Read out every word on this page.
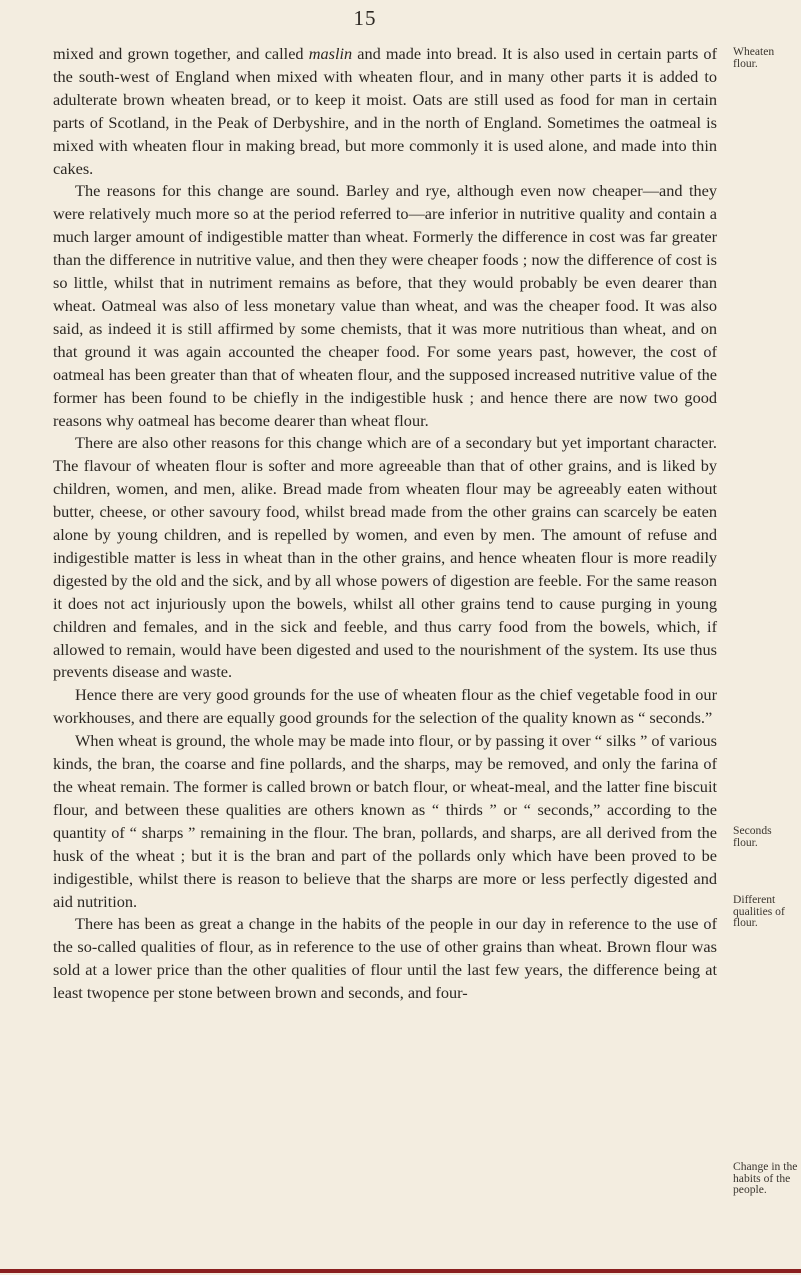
15

mixed and grown together, and called maslin and made into bread. It is also used in certain parts of the south-west of England when mixed with wheaten flour, and in many other parts it is added to adulterate brown wheaten bread, or to keep it moist. Oats are still used as food for man in certain parts of Scotland, in the Peak of Derbyshire, and in the north of England. Sometimes the oatmeal is mixed with wheaten flour in making bread, but more commonly it is used alone, and made into thin cakes.

The reasons for this change are sound. Barley and rye, although even now cheaper—and they were relatively much more so at the period referred to—are inferior in nutritive quality and contain a much larger amount of indigestible matter than wheat. Formerly the difference in cost was far greater than the difference in nutritive value, and then they were cheaper foods ; now the difference of cost is so little, whilst that in nutriment remains as before, that they would probably be even dearer than wheat. Oatmeal was also of less monetary value than wheat, and was the cheaper food. It was also said, as indeed it is still affirmed by some chemists, that it was more nutritious than wheat, and on that ground it was again accounted the cheaper food. For some years past, however, the cost of oatmeal has been greater than that of wheaten flour, and the supposed increased nutritive value of the former has been found to be chiefly in the indigestible husk ; and hence there are now two good reasons why oatmeal has become dearer than wheat flour.

There are also other reasons for this change which are of a secondary but yet important character. The flavour of wheaten flour is softer and more agreeable than that of other grains, and is liked by children, women, and men, alike. Bread made from wheaten flour may be agreeably eaten without butter, cheese, or other savoury food, whilst bread made from the other grains can scarcely be eaten alone by young children, and is repelled by women, and even by men. The amount of refuse and indigestible matter is less in wheat than in the other grains, and hence wheaten flour is more readily digested by the old and the sick, and by all whose powers of digestion are feeble. For the same reason it does not act injuriously upon the bowels, whilst all other grains tend to cause purging in young children and females, and in the sick and feeble, and thus carry food from the bowels, which, if allowed to remain, would have been digested and used to the nourishment of the system. Its use thus prevents disease and waste.

Hence there are very good grounds for the use of wheaten flour as the chief vegetable food in our workhouses, and there are equally good grounds for the selection of the quality known as “ seconds.”

When wheat is ground, the whole may be made into flour, or by passing it over “ silks ” of various kinds, the bran, the coarse and fine pollards, and the sharps, may be removed, and only the farina of the wheat remain. The former is called brown or batch flour, or wheat-meal, and the latter fine biscuit flour, and between these qualities are others known as “ thirds ” or “ seconds,” according to the quantity of “ sharps ” remaining in the flour. The bran, pollards, and sharps, are all derived from the husk of the wheat ; but it is the bran and part of the pollards only which have been proved to be indigestible, whilst there is reason to believe that the sharps are more or less perfectly digested and aid nutrition.

There has been as great a change in the habits of the people in our day in reference to the use of the so-called qualities of flour, as in reference to the use of other grains than wheat. Brown flour was sold at a lower price than the other qualities of flour until the last few years, the difference being at least twopence per stone between brown and seconds, and four-

Wheaten flour.
Seconds flour.
Different qualities of flour.
Change in the habits of the people.
